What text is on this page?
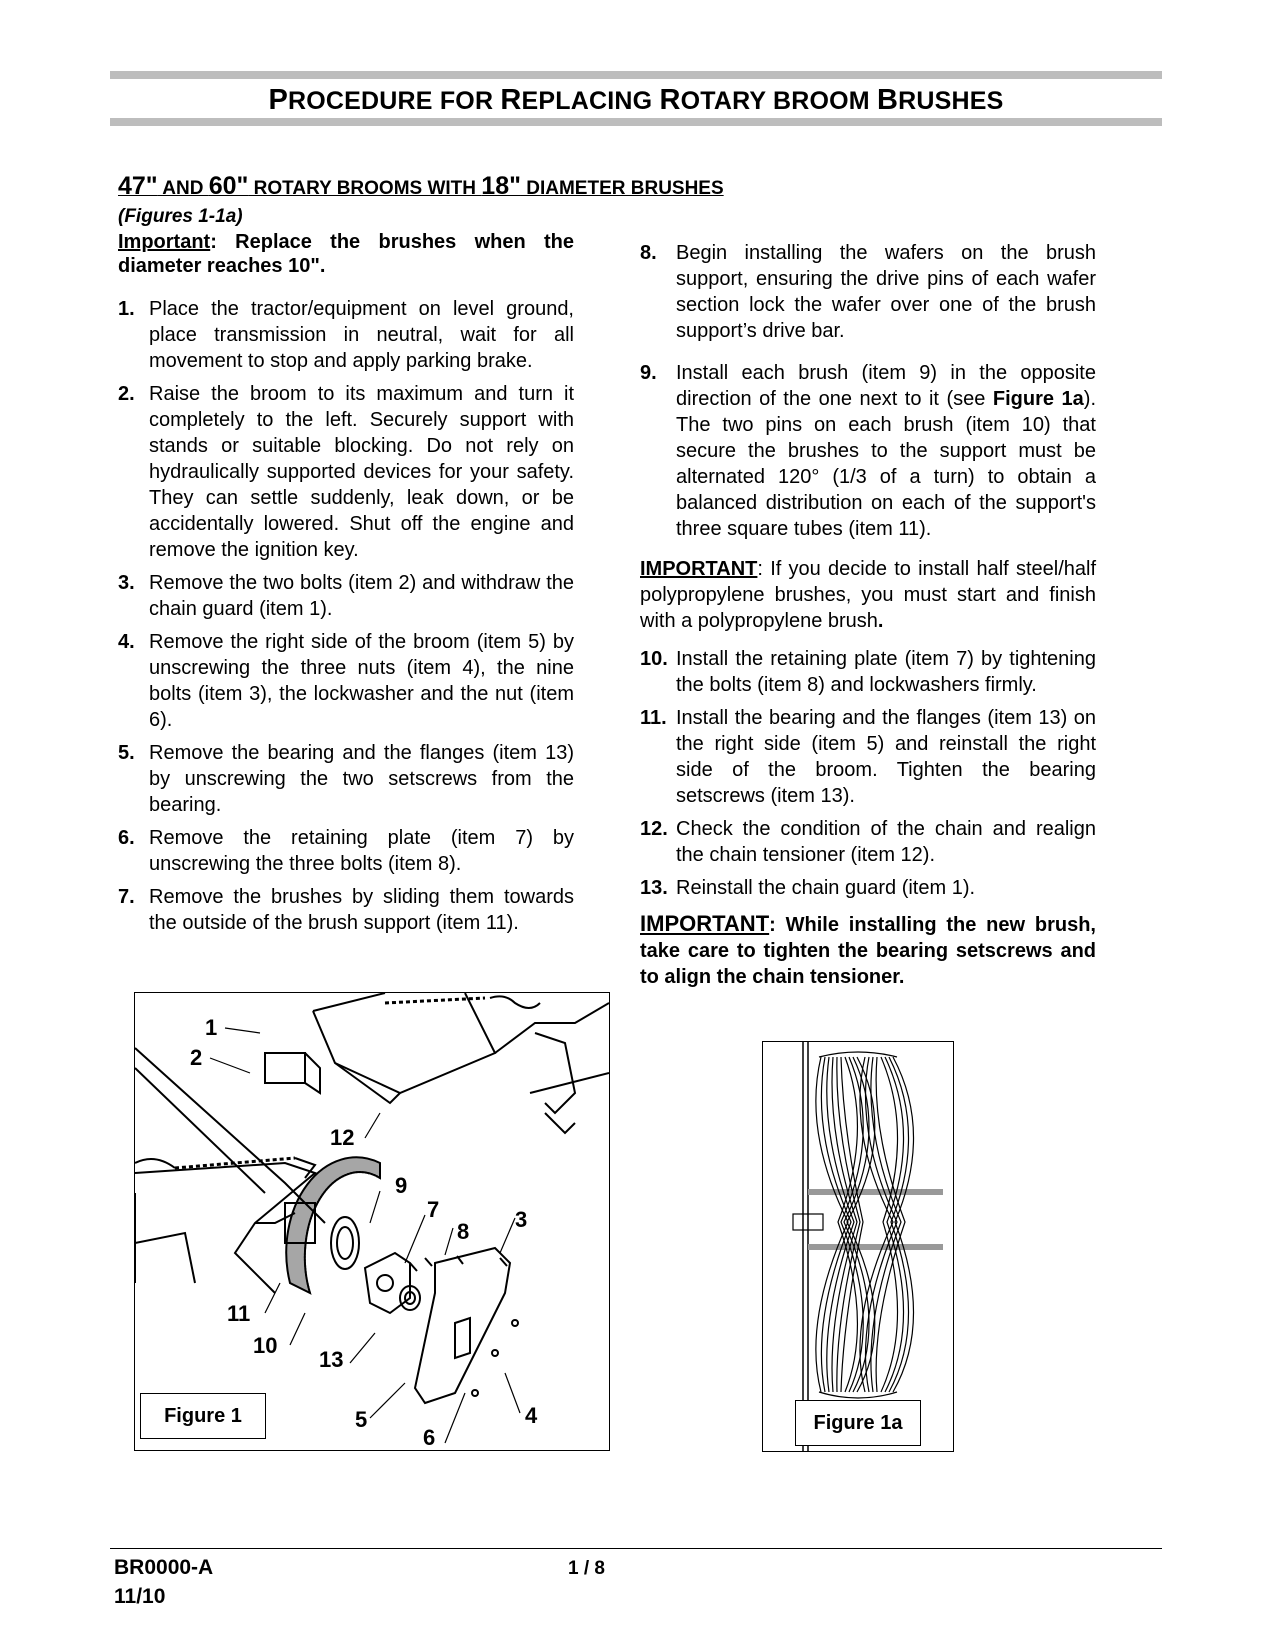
PROCEDURE FOR REPLACING ROTARY BROOM BRUSHES
47" AND 60" ROTARY BROOMS WITH 18" DIAMETER BRUSHES
(Figures 1-1a)

Important: Replace the brushes when the diameter reaches 10".

1. Place the tractor/equipment on level ground, place transmission in neutral, wait for all movement to stop and apply parking brake.
2. Raise the broom to its maximum and turn it completely to the left. Securely support with stands or suitable blocking. Do not rely on hydraulically supported devices for your safety. They can settle suddenly, leak down, or be accidentally lowered. Shut off the engine and remove the ignition key.
3. Remove the two bolts (item 2) and withdraw the chain guard (item 1).
4. Remove the right side of the broom (item 5) by unscrewing the three nuts (item 4), the nine bolts (item 3), the lockwasher and the nut (item 6).
5. Remove the bearing and the flanges (item 13) by unscrewing the two setscrews from the bearing.
6. Remove the retaining plate (item 7) by unscrewing the three bolts (item 8).
7. Remove the brushes by sliding them towards the outside of the brush support (item 11).
8. Begin installing the wafers on the brush support, ensuring the drive pins of each wafer section lock the wafer over one of the brush support’s drive bar.
9. Install each brush (item 9) in the opposite direction of the one next to it (see Figure 1a). The two pins on each brush (item 10) that secure the brushes to the support must be alternated 120° (1/3 of a turn) to obtain a balanced distribution on each of the support's three square tubes (item 11).

IMPORTANT: If you decide to install half steel/half polypropylene brushes, you must start and finish with a polypropylene brush.

10. Install the retaining plate (item 7) by tightening the bolts (item 8) and lockwashers firmly.
11. Install the bearing and the flanges (item 13) on the right side (item 5) and reinstall the right side of the broom. Tighten the bearing setscrews (item 13).
12. Check the condition of the chain and realign the chain tensioner (item 12).
13. Reinstall the chain guard (item 1).

IMPORTANT: While installing the new brush, take care to tighten the bearing setscrews and to align the chain tensioner.

1
2
12
9
7
8 3
11
10
13
5
6
4
Figure 1	Figure 1a
BR0000-A
11/10
1 / 8
